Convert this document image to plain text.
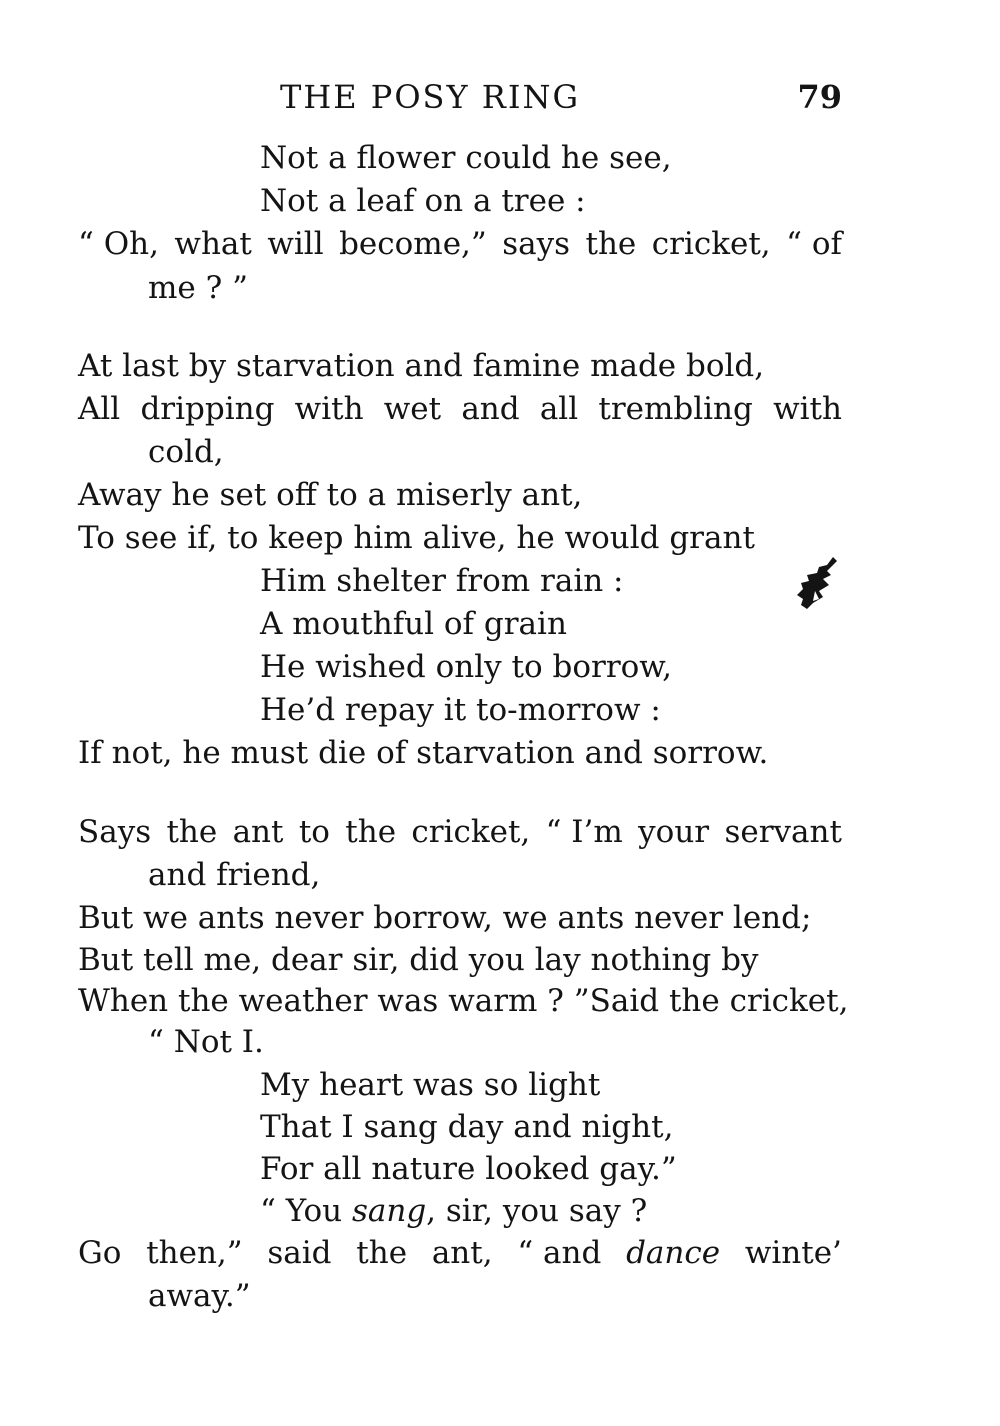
THE POSY RING	79
Not a flower could he see,
Not a leaf on a tree :
“ Oh, what will become,” says the cricket, “ of
me ? ”
At last by starvation and famine made bold,
All dripping with wet and all trembling with
cold,
Away he set off to a miserly ant,
To see if, to keep him alive, he would grant
Him shelter from rain :
A mouthful of grain
He wished only to borrow,
He’d repay it to-morrow :
If not, he must die of starvation and sorrow.
Says the ant to the cricket, “ I’m your servant
and friend,
But we ants never borrow, we ants never lend;
But tell me, dear sir, did you lay nothing by
When the weather was warm ? ” Said the cricket,
“ Not I.
My heart was so light
That I sang day and night,
For all nature looked gay.”
“ You sang, sir, you say ?
Go then,” said the ant, “ and dance winte’
away.”
